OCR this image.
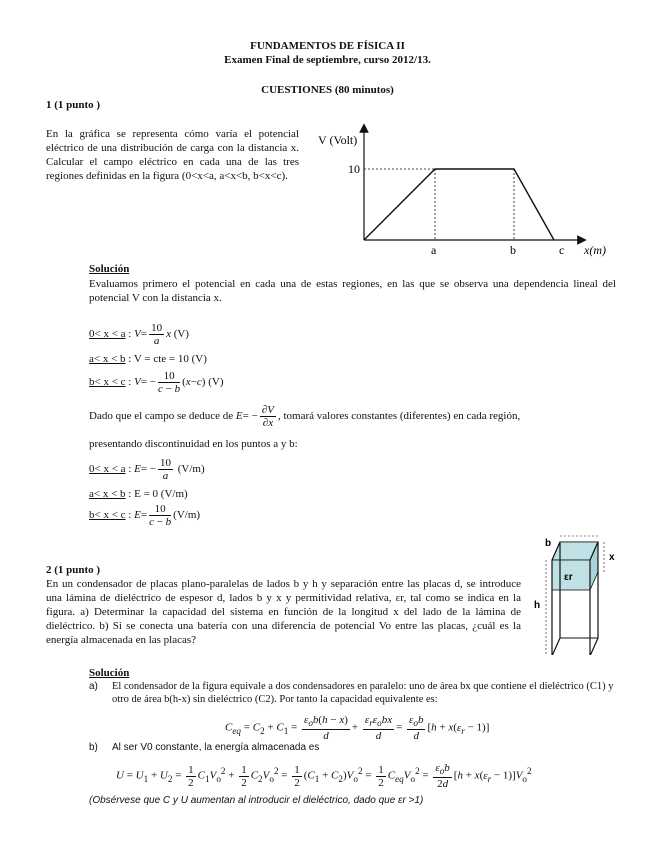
FUNDAMENTOS DE FÍSICA II
Examen Final de septiembre, curso 2012/13.
CUESTIONES (80 minutos)
1 (1 punto )
En la gráfica se representa cómo varía el potencial eléctrico de una distribución de carga con la distancia x. Calcular el campo eléctrico en cada una de las tres regiones definidas en la figura (0<x<a, a<x<b, b<x<c).
V (Volt)
10
a	b	c x(m)
Solución
Evaluamos primero el potencial en cada una de estas regiones, en las que se observa una dependencia lineal del potencial V con la distancia x.
0< x < a : $V= \frac{10}{a}$ x (V)
a< x < b : V = cte = 10 (V)
b< x < c : $V= - \frac{10}{c - b} (x-c)$ (V)
Dado que el campo se deduce de $E= - \frac{\partial V}{\partial x}$ , tomará valores constantes (diferentes) en cada región,
presentando discontinuidad en los puntos a y b:
0< x < a : $E= - \frac{10}{a} (V/m)$
a< x < b : E = 0 (V/m)
b< x < c : $E= \frac{10}{c - b} (V/m)$
2 (1 punto )
En un condensador de placas plano-paralelas de lados b y h y separación entre las placas d, se introduce una lámina de dieléctrico de espesor d, lados b y x y permitividad relativa, εr, tal como se indica en la figura. a) Determinar la capacidad del sistema en función de la longitud x del lado de la lámina de dieléctrico. b) Si se conecta una batería con una diferencia de potencial Vo entre las placas, ¿cuál es la energía almacenada en las placas?
b
x
h
εr
Solución
a) El condensador de la figura equivale a dos condensadores en paralelo: uno de área bx que contiene el dieléctrico (C1) y otro de área b(h-x) sin dieléctrico (C2). Por tanto la capacidad equivalente es:
$C_{eq} = C_2 + C_1 = \frac{\varepsilon_ob(h - x)}{d} + \frac{\varepsilon_r\varepsilon_obx}{d} = \frac{\varepsilon_ob}{d} [h + x(\varepsilon_r - 1)]$
b) Al ser V0 constante, la energía almacenada es
$U = U_1 + U_2 = \frac{1}{2} C_1V_o^2 + \frac{1}{2} C_2V_o^2 = \frac{1}{2} (C_1 + C_2)V_o^2 = \frac{1}{2} C_{eq}V_o^2 = \frac{\varepsilon_ob}{2d} [h + x(\varepsilon_r - 1)]V_o^2$
(Obsérvese que C y U aumentan al introducir el dieléctrico, dado que εr >1)
